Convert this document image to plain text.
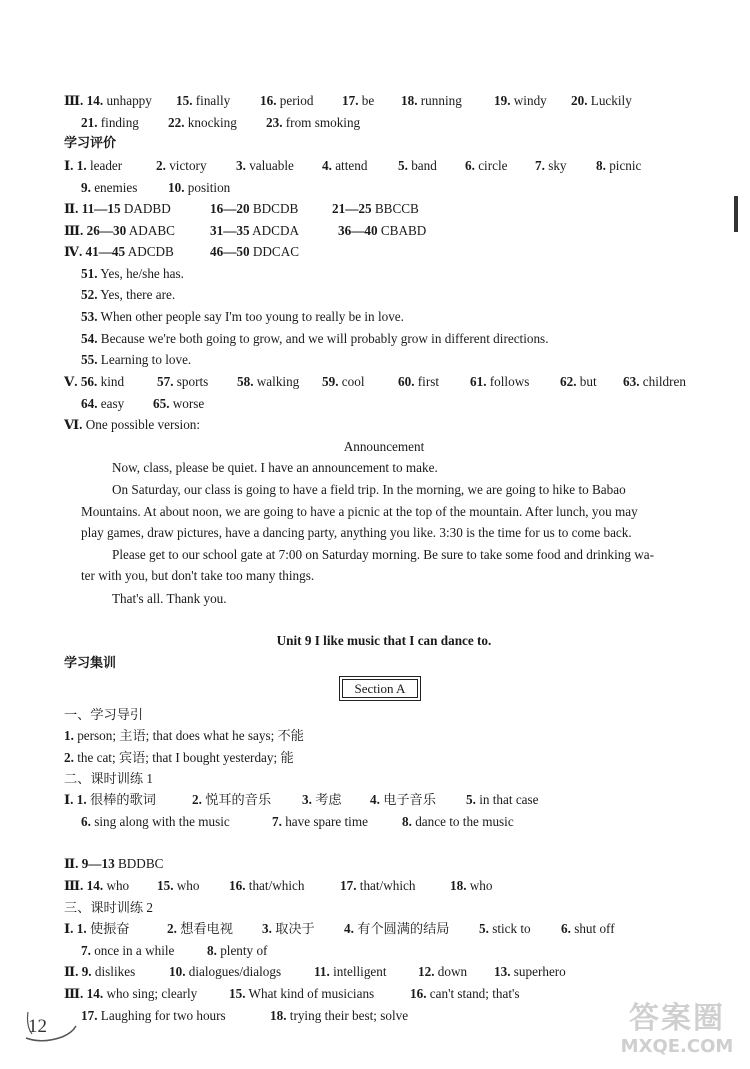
Ⅲ. 14. unhappy 15. finally 16. period 17. be 18. running 19. windy 20. Luckily
21. finding 22. knocking 23. from smoking
学习评价
Ⅰ. 1. leader	2. victory 3. valuable 4. attend 5. band 6. circle 7. sky 8. picnic
9. enemies 10. position
Ⅱ. 11—15 DADBD	16—20 BDCDB	21—25 BBCCB
Ⅲ. 26—30 ADABC	31—35 ADCDA	36—40 CBABD
Ⅳ. 41—45 ADCDB	46—50 DDCAC
51. Yes, he/she has.
52. Yes, there are.
53. When other people say I'm too young to really be in love.
54. Because we're both going to grow, and we will probably grow in different directions.
55. Learning to love.
Ⅴ. 56. kind 57. sports 58. walking 59. cool	60. first 61. follows 62. but 63. children
64. easy 65. worse
Ⅵ. One possible version:
Announcement
Now, class, please be quiet. I have an announcement to make.
On Saturday, our class is going to have a field trip. In the morning, we are going to hike to Babao
Mountains. At about noon, we are going to have a picnic at the top of the mountain. After lunch, you may
play games, draw pictures, have a dancing party, anything you like. 3:30 is the time for us to come back.
Please get to our school gate at 7:00 on Saturday morning. Be sure to take some food and drinking wa-
ter with you, but don't take too many things.
That's all. Thank you.
Unit 9 I like music that I can dance to.
学习集训
Section A
一、学习导引
1. person; 主语; that does what he says; 不能
2. the cat; 宾语; that I bought yesterday; 能
二、课时训练 1
Ⅰ. 1. 很棒的歌词	2. 悦耳的音乐 3. 考虑 4. 电子音乐 5. in that case
6. sing along with the music	7. have spare time	8. dance to the music
Ⅱ. 9—13 BDDBC
Ⅲ. 14. who 15. who 16. that/which	17. that/which	18. who
三、课时训练 2
Ⅰ. 1. 使振奋	2. 想看电视 3. 取决于 4. 有个圆满的结局 5. stick to 6. shut off
7. once in a while 8. plenty of
Ⅱ. 9. dislikes	10. dialogues/dialogs 11. intelligent 12. down 13. superhero
Ⅲ. 14. who sing; clearly 15. What kind of musicians	16. can't stand; that's
17. Laughing for two hours	18. trying their best; solve
12	答案圈
MXQE.COM
